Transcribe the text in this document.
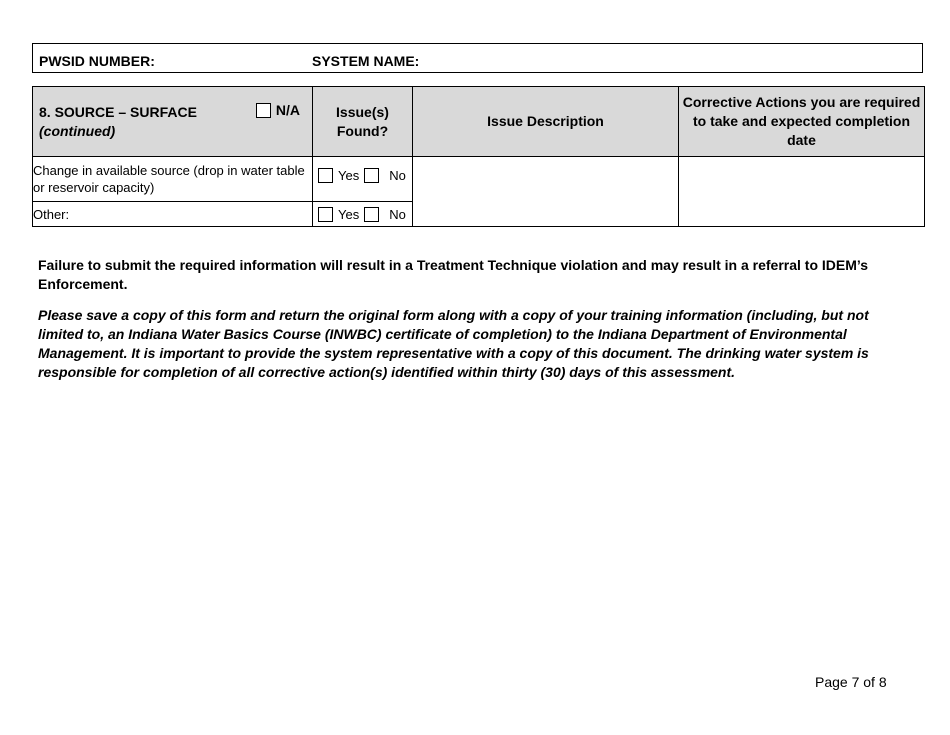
PWSID NUMBER:	SYSTEM NAME:
8. SOURCE – SURFACE
(continued)
N/A	Issue(s) Found?	Issue Description	Corrective Actions you are required to take and expected completion date
Change in available source (drop in water table or reservoir capacity)	Yes No		

Other:	Yes No		
Failure to submit the required information will result in a Treatment Technique violation and may result in a referral to IDEM’s Enforcement.
Please save a copy of this form and return the original form along with a copy of your training information (including, but not limited to, an Indiana Water Basics Course (INWBC) certificate of completion) to the Indiana Department of Environmental Management. It is important to provide the system representative with a copy of this document. The drinking water system is responsible for completion of all corrective action(s) identified within thirty (30) days of this assessment.
Page 7 of 8
